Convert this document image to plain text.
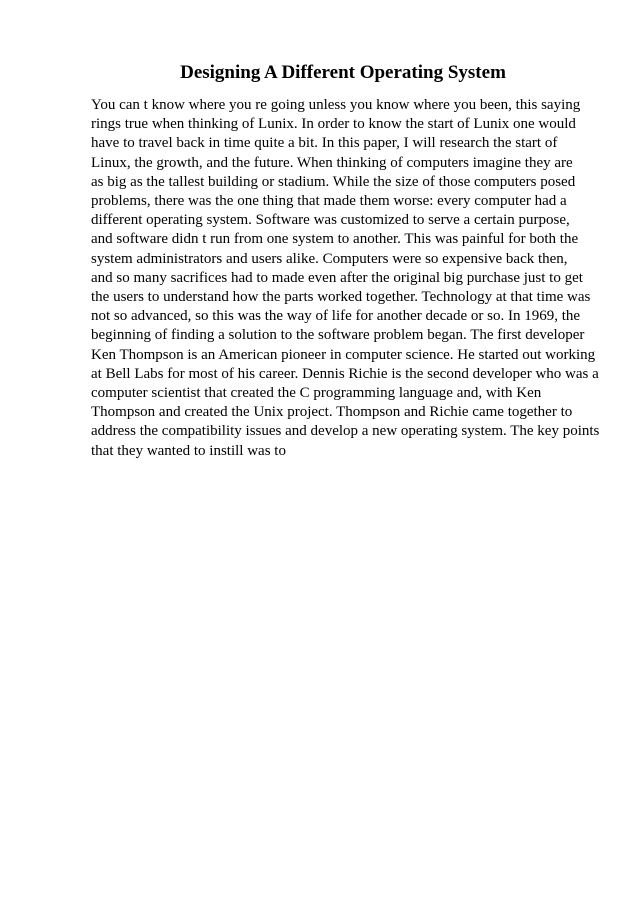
Designing A Different Operating System
You can t know where you re going unless you know where you been, this saying
rings true when thinking of Lunix. In order to know the start of Lunix one would
have to travel back in time quite a bit. In this paper, I will research the start of
Linux, the growth, and the future. When thinking of computers imagine they are
as big as the tallest building or stadium. While the size of those computers posed
problems, there was the one thing that made them worse: every computer had a
different operating system. Software was customized to serve a certain purpose,
and software didn t run from one system to another. This was painful for both the
system administrators and users alike. Computers were so expensive back then,
and so many sacrifices had to made even after the original big purchase just to get
the users to understand how the parts worked together. Technology at that time was
not so advanced, so this was the way of life for another decade or so. In 1969, the
beginning of finding a solution to the software problem began. The first developer
Ken Thompson is an American pioneer in computer science. He started out working
at Bell Labs for most of his career. Dennis Richie is the second developer who was a
computer scientist that created the C programming language and, with Ken
Thompson and created the Unix project. Thompson and Richie came together to
address the compatibility issues and develop a new operating system. The key points
that they wanted to instill was to
